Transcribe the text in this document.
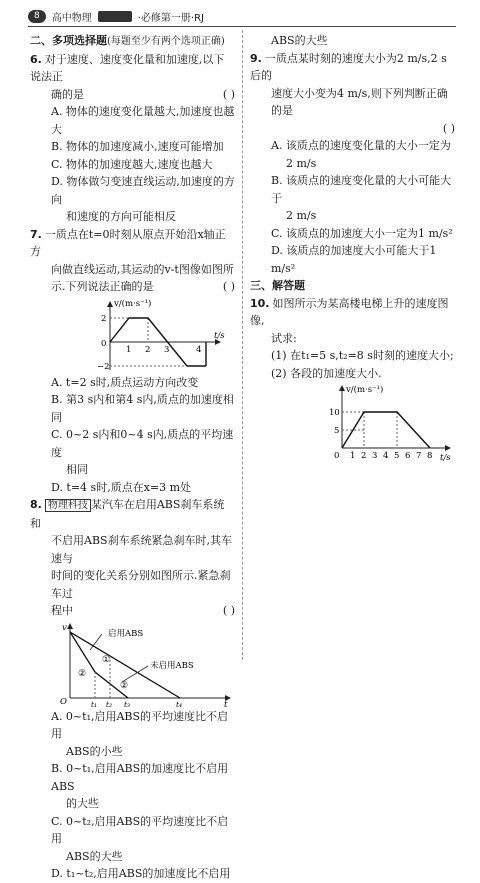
8	高中物理	·必修第一册·RJ
二、多项选择题(每题至少有两个选项正确)
6. 对于速度、速度变化量和加速度,以下说法正
确的是	( )
A. 物体的速度变化量越大,加速度也越大
B. 物体的加速度减小,速度可能增加
C. 物体的加速度越大,速度也越大
D. 物体做匀变速直线运动,加速度的方向
和速度的方向可能相反
7. 一质点在t=0时刻从原点开始沿x轴正方
向做直线运动,其运动的v-t图像如图所
示.下列说法正确的是	( )
v/(m·s⁻¹)
t/s
2
0
−2
1 2 3	4
A. t=2 s时,质点运动方向改变
B. 第3 s内和第4 s内,质点的加速度相同
C. 0~2 s内和0~4 s内,质点的平均速度
相同
D. t=4 s时,质点在x=3 m处
8. 物理科技 某汽车在启用ABS刹车系统和
不启用ABS刹车系统紧急刹车时,其车速与
时间的变化关系分别如图所示.紧急刹车过
程中	( )
v
O
启用ABS
未启用ABS
①
②
②
t₁ t₂ t₃	t₄	t
A. 0~t₁,启用ABS的平均速度比不启用
ABS的小些
B. 0~t₁,启用ABS的加速度比不启用ABS
的大些
C. 0~t₂,启用ABS的平均速度比不启用
ABS的大些
D. t₁~t₂,启用ABS的加速度比不启用
ABS的大些
9. 一质点某时刻的速度大小为2 m/s,2 s后的
速度大小变为4 m/s,则下列判断正确的是
( )
A. 该质点的速度变化量的大小一定为
2 m/s
B. 该质点的速度变化量的大小可能大于
2 m/s
C. 该质点的加速度大小一定为1 m/s²
D. 该质点的加速度大小可能大于1 m/s²
三、解答题
10. 如图所示为某高楼电梯上升的速度图像,
试求:
(1) 在t₁=5 s,t₂=8 s时刻的速度大小;
(2) 各段的加速度大小.
v/(m·s⁻¹)
t/s
10
5
0 1 2 3 4 5 6 7 8
